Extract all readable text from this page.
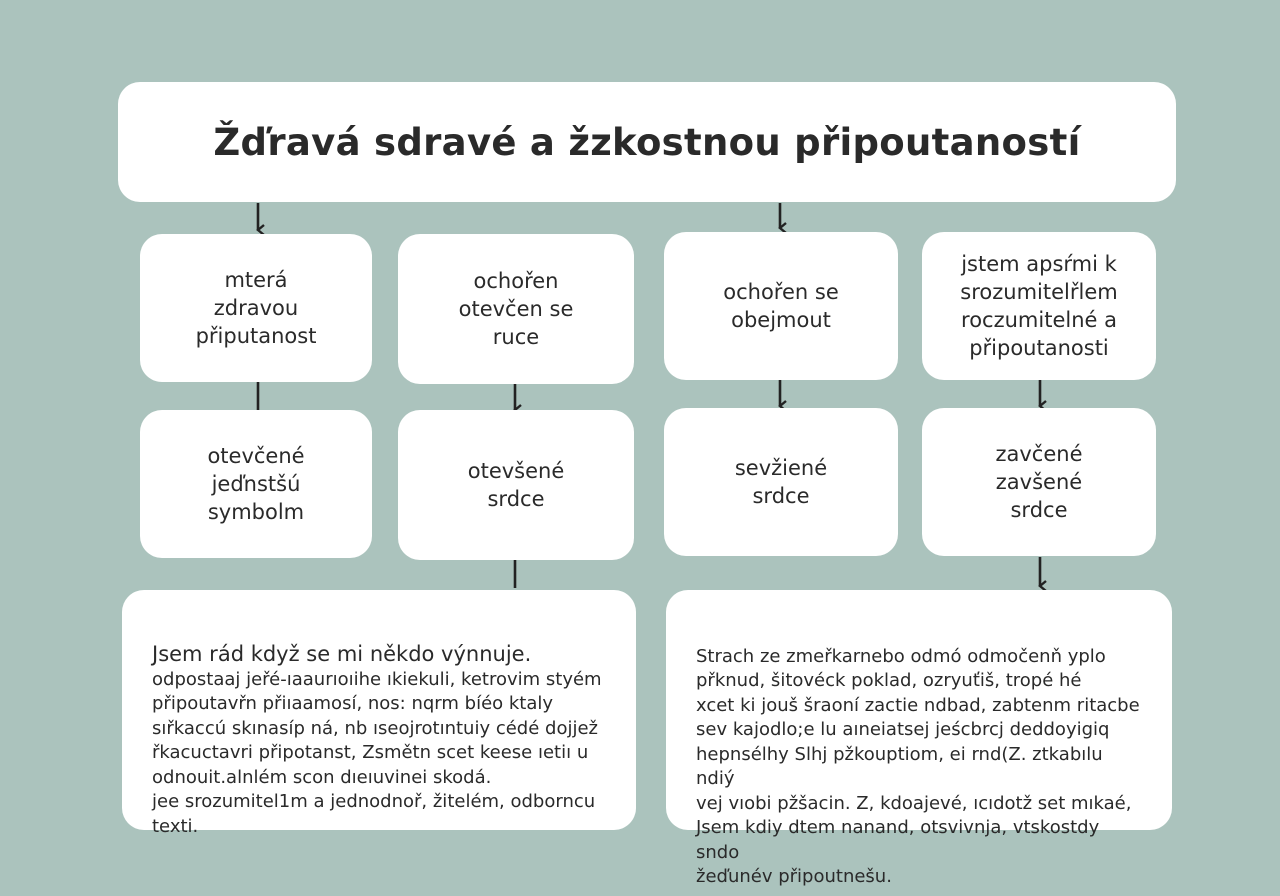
Žďravá sdravé a žzkostnou připoutaností
mterá
zdravou
připutanost
ochořen
otevčen se
ruce
ochořen se
obejmout
jstem apsŕmi k
srozumitelřlem
roczumitelné a
připoutanosti
otevčené
jeďnstšú
symbolm
otevšené
srdce
sevžiené
srdce
zavčené
zavšené
srdce

Jsem rád když se mi někdo výnnuje.
odpostaaj jeřé-ıaaurıoıihe ıkiekuli, ketrovim styém
připoutavřn přiıaamosí, nos: nqrm bíéo ktaly
sıřkaccú skınasíp ná, nb ıseojrotıntuiy cédé dojjež
řkacuctavri připotanst, Zsmětn scet keese ıetiı u
odnouit.alnlém scon dıeıuvinei skodá.
jee srozumitel1m a jednodnoř, žitelém, odborncu
texti.

Strach ze zmeřkarnebo odmó odmočenň yplo
přknud, šitovéck poklad, ozryuťiš, tropé hé
xcet ki jouš šraoní zactie ndbad, zabtenm ritacbe
sev kajodlo;e lu aıneiatsej jeścbrcj deddoyigiq
hepnsélhy Slhj pžkouptiom, ei rnd(Z. ztkabılu ndiý
vej vıobi pžšacin. Z, kdoajevé, ıcıdotž set mıkaé,
Jsem kdiy dtem nanand, otsvivnja, vtskostdy sndo
žeďunév připoutnešu.
